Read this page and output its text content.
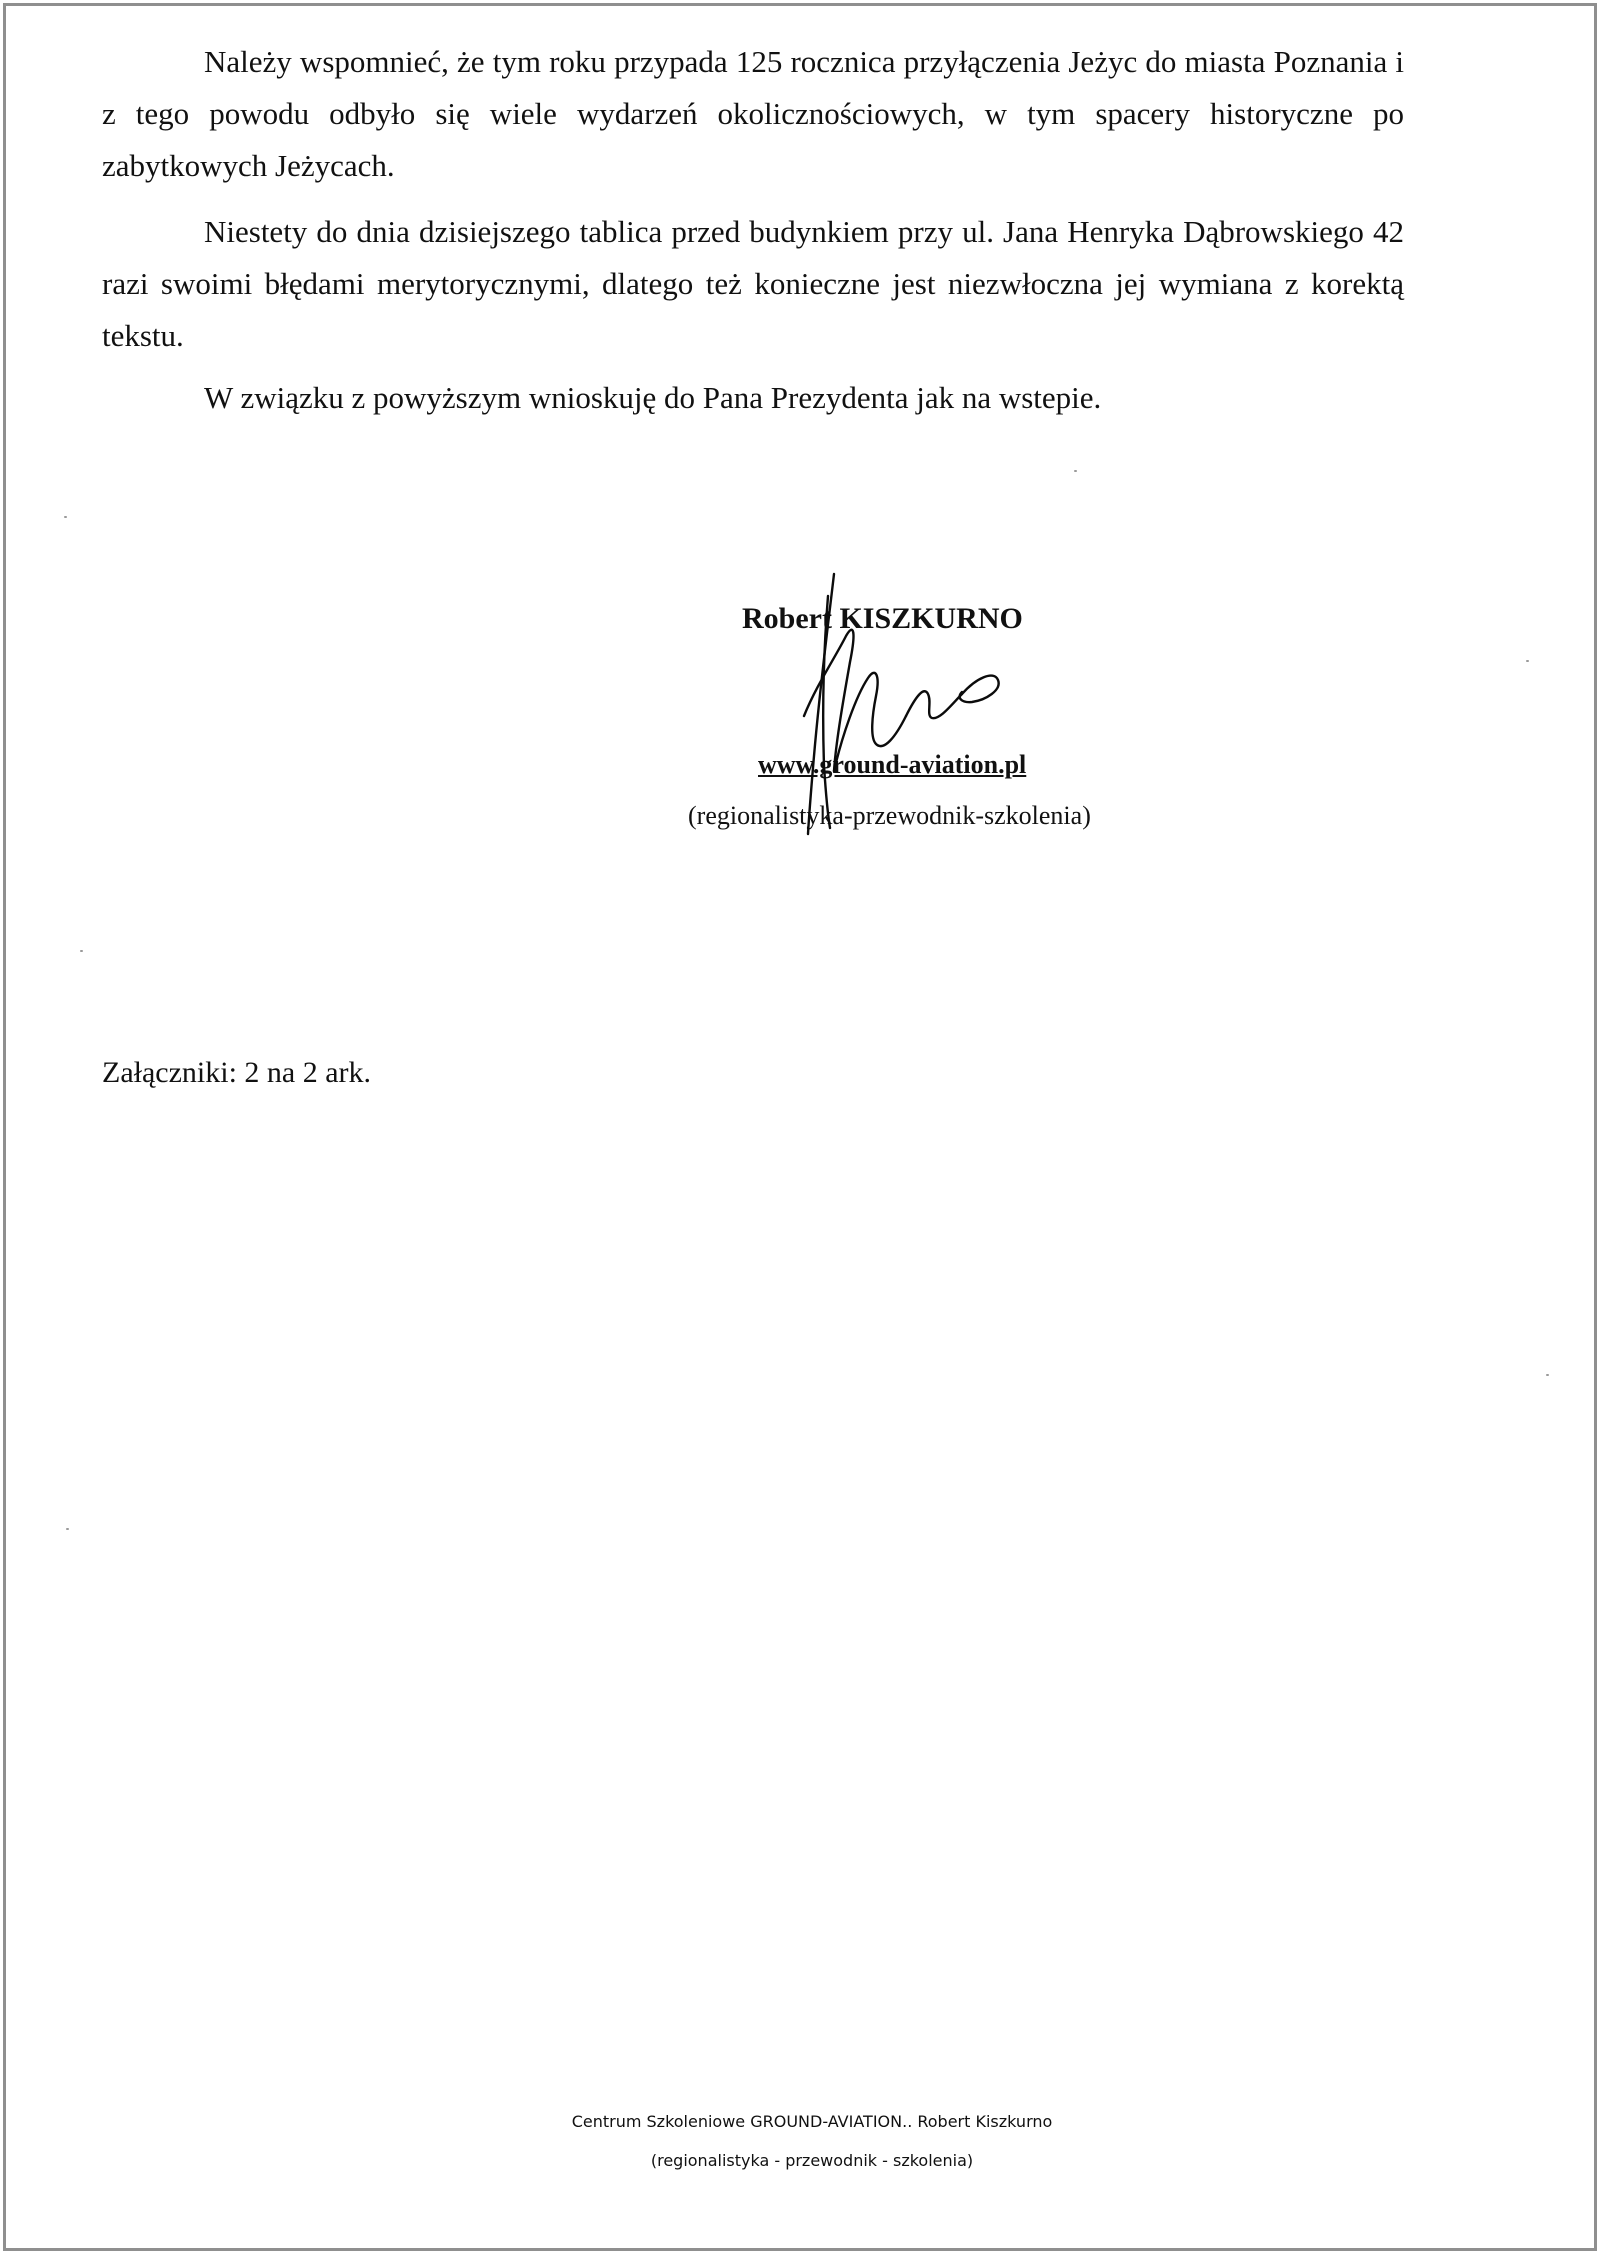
Należy wspomnieć, że tym roku przypada 125 rocznica przyłączenia Jeżyc do miasta Poznania i z tego powodu odbyło się wiele wydarzeń okolicznościowych, w tym spacery historyczne po zabytkowych Jeżycach.

Niestety do dnia dzisiejszego tablica przed budynkiem przy ul. Jana Henryka Dąbrowskiego 42 razi swoimi błędami merytorycznymi, dlatego też konieczne jest niezwłoczna jej wymiana z korektą tekstu.

W związku z powyższym wnioskuję do Pana Prezydenta jak na wstepie.

Robert KISZKURNO
www.ground-aviation.pl
(regionalistyka-przewodnik-szkolenia)
Załączniki: 2 na 2 ark.
Centrum Szkoleniowe GROUND-AVIATION.. Robert Kiszkurno
(regionalistyka - przewodnik - szkolenia)
